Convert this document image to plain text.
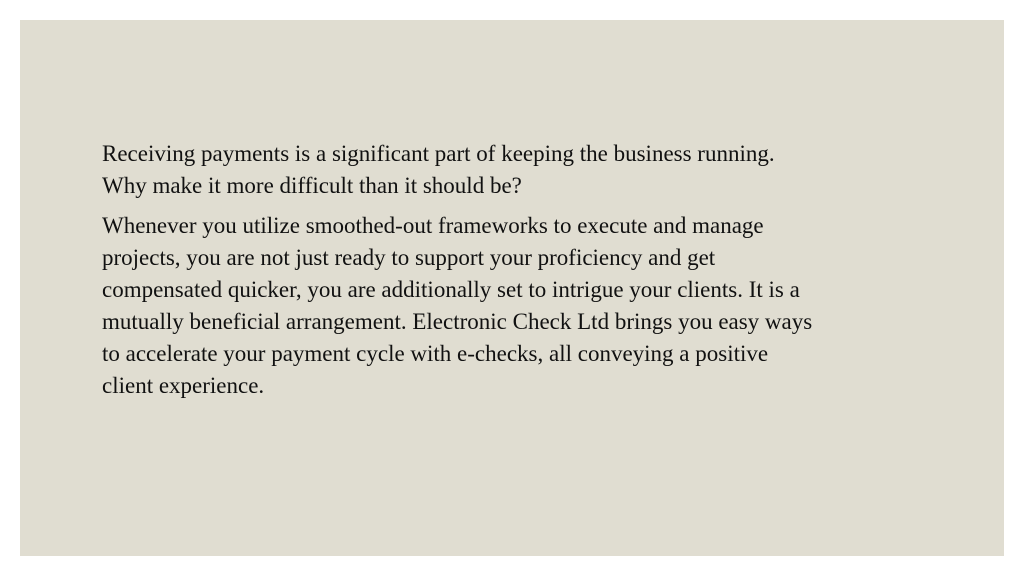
Receiving payments is a significant part of keeping the business running.
Why make it more difficult than it should be?

Whenever you utilize smoothed-out frameworks to execute and manage
projects, you are not just ready to support your proficiency and get
compensated quicker, you are additionally set to intrigue your clients. It is a
mutually beneficial arrangement. Electronic Check Ltd brings you easy ways
to accelerate your payment cycle with e-checks, all conveying a positive
client experience.
